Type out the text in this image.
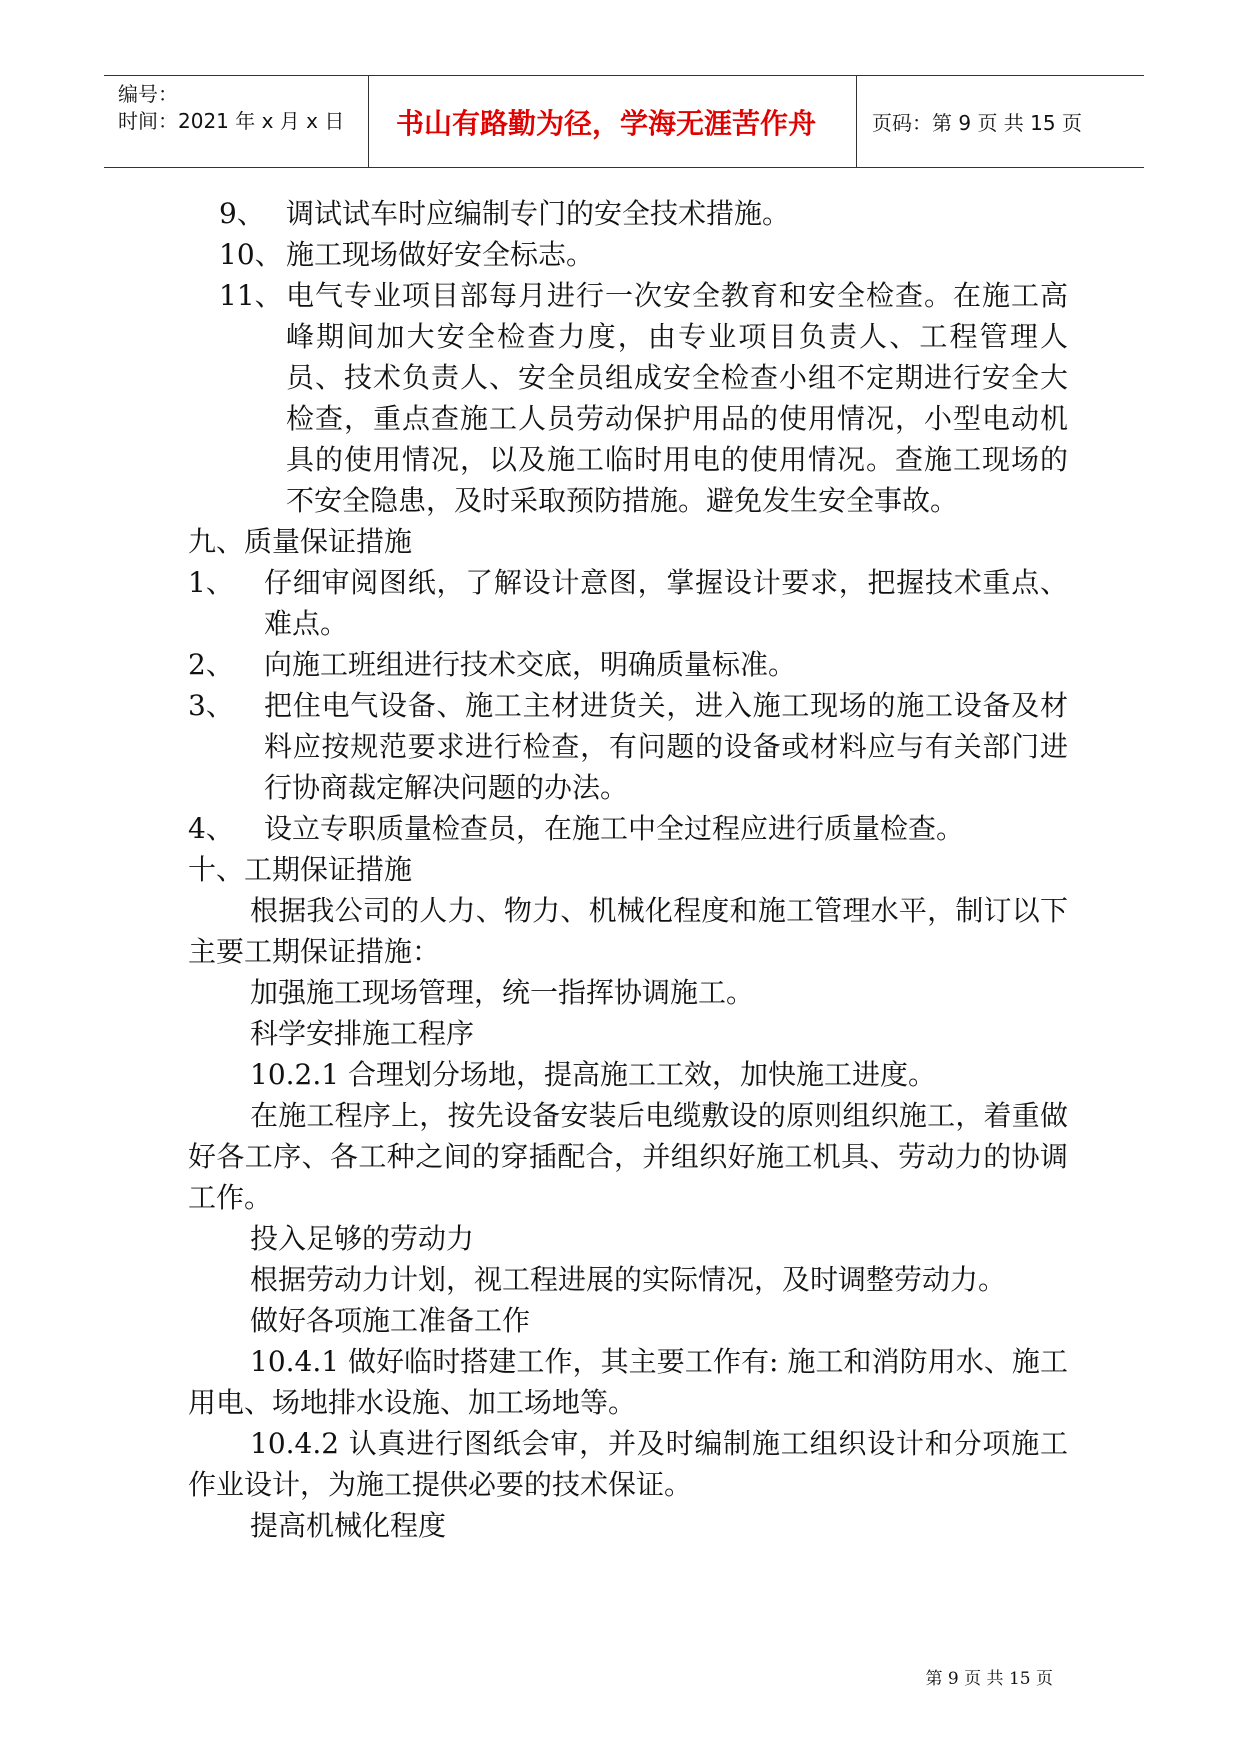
编号：
时间：2021 年 x 月 x 日	书山有路勤为径，学海无涯苦作舟	页码：第 9 页 共 15 页
9、 调试试车时应编制专门的安全技术措施。
10、 施工现场做好安全标志。
11、 电气专业项目部每月进行一次安全教育和安全检查。在施工高峰期间加大安全检查力度，由专业项目负责人、工程管理人员、技术负责人、安全员组成安全检查小组不定期进行安全大检查，重点查施工人员劳动保护用品的使用情况，小型电动机具的使用情况，以及施工临时用电的使用情况。查施工现场的不安全隐患，及时采取预防措施。避免发生安全事故。

九、质量保证措施

1、	仔细审阅图纸，了解设计意图，掌握设计要求，把握技术重点、难点。
2、	向施工班组进行技术交底，明确质量标准。
3、	把住电气设备、施工主材进货关，进入施工现场的施工设备及材料应按规范要求进行检查，有问题的设备或材料应与有关部门进行协商裁定解决问题的办法。
4、	设立专职质量检查员，在施工中全过程应进行质量检查。

十、工期保证措施

根据我公司的人力、物力、机械化程度和施工管理水平，制订以下主要工期保证措施：

加强施工现场管理，统一指挥协调施工。

科学安排施工程序

10.2.1 合理划分场地，提高施工工效，加快施工进度。

在施工程序上，按先设备安装后电缆敷设的原则组织施工，着重做好各工序、各工种之间的穿插配合，并组织好施工机具、劳动力的协调工作。

投入足够的劳动力

根据劳动力计划，视工程进展的实际情况，及时调整劳动力。

做好各项施工准备工作

10.4.1 做好临时搭建工作，其主要工作有: 施工和消防用水、施工用电、场地排水设施、加工场地等。

10.4.2 认真进行图纸会审，并及时编制施工组织设计和分项施工作业设计，为施工提供必要的技术保证。

提高机械化程度

第 9 页 共 15 页
